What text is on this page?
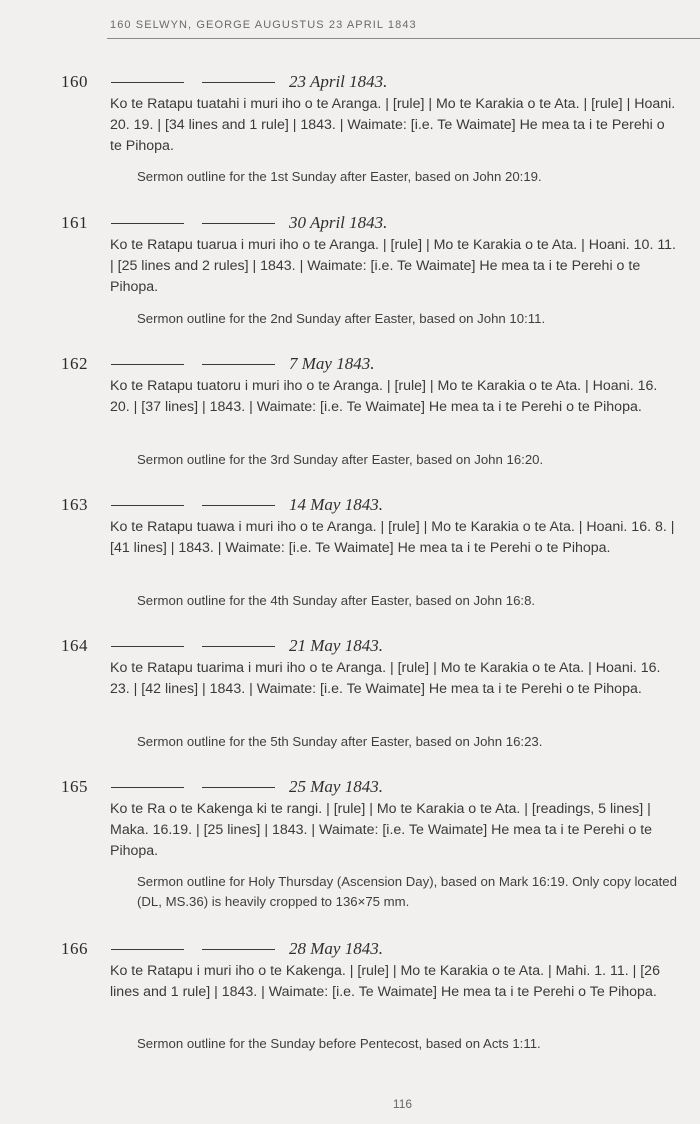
160 SELWYN, GEORGE AUGUSTUS 23 APRIL 1843
160	23 April 1843.
Ko te Ratapu tuatahi i muri iho o te Aranga. | [rule] | Mo te Karakia o te Ata. | [rule] | Hoani. 20. 19. | [34 lines and 1 rule] | 1843. | Waimate: [i.e. Te Waimate] He mea ta i te Perehi o te Pihopa.
Sermon outline for the 1st Sunday after Easter, based on John 20:19.
161	30 April 1843.
Ko te Ratapu tuarua i muri iho o te Aranga. | [rule] | Mo te Karakia o te Ata. | Hoani. 10. 11. | [25 lines and 2 rules] | 1843. | Waimate: [i.e. Te Waimate] He mea ta i te Perehi o te Pihopa.
Sermon outline for the 2nd Sunday after Easter, based on John 10:11.
162	7 May 1843.
Ko te Ratapu tuatoru i muri iho o te Aranga. | [rule] | Mo te Karakia o te Ata. | Hoani. 16. 20. | [37 lines] | 1843. | Waimate: [i.e. Te Waimate] He mea ta i te Perehi o te Pihopa.
Sermon outline for the 3rd Sunday after Easter, based on John 16:20.
163	14 May 1843.
Ko te Ratapu tuawa i muri iho o te Aranga. | [rule] | Mo te Karakia o te Ata. | Hoani. 16. 8. | [41 lines] | 1843. | Waimate: [i.e. Te Waimate] He mea ta i te Perehi o te Pihopa.
Sermon outline for the 4th Sunday after Easter, based on John 16:8.
164	21 May 1843.
Ko te Ratapu tuarima i muri iho o te Aranga. | [rule] | Mo te Karakia o te Ata. | Hoani. 16. 23. | [42 lines] | 1843. | Waimate: [i.e. Te Waimate] He mea ta i te Perehi o te Pihopa.
Sermon outline for the 5th Sunday after Easter, based on John 16:23.
165	25 May 1843.
Ko te Ra o te Kakenga ki te rangi. | [rule] | Mo te Karakia o te Ata. | [readings, 5 lines] | Maka. 16.19. | [25 lines] | 1843. | Waimate: [i.e. Te Waimate] He mea ta i te Perehi o te Pihopa.
Sermon outline for Holy Thursday (Ascension Day), based on Mark 16:19. Only copy located (DL, MS.36) is heavily cropped to 136×75 mm.
166	28 May 1843.
Ko te Ratapu i muri iho o te Kakenga. | [rule] | Mo te Karakia o te Ata. | Mahi. 1. 11. | [26 lines and 1 rule] | 1843. | Waimate: [i.e. Te Waimate] He mea ta i te Perehi o Te Pihopa.
Sermon outline for the Sunday before Pentecost, based on Acts 1:11.
116
